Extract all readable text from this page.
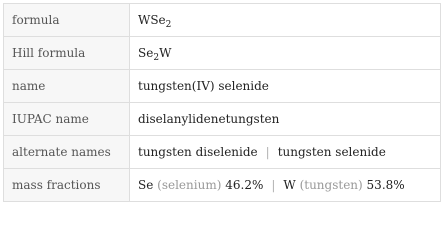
formula	WSe$_2$
Hill formula	$Se_2W$
name	tungsten(IV) selenide
IUPAC name	diselanylidenetungsten
alternate names	tungsten diselenide | tungsten selenide
mass fractions	Se (selenium) 46.2% | W (tungsten) 53.8%
